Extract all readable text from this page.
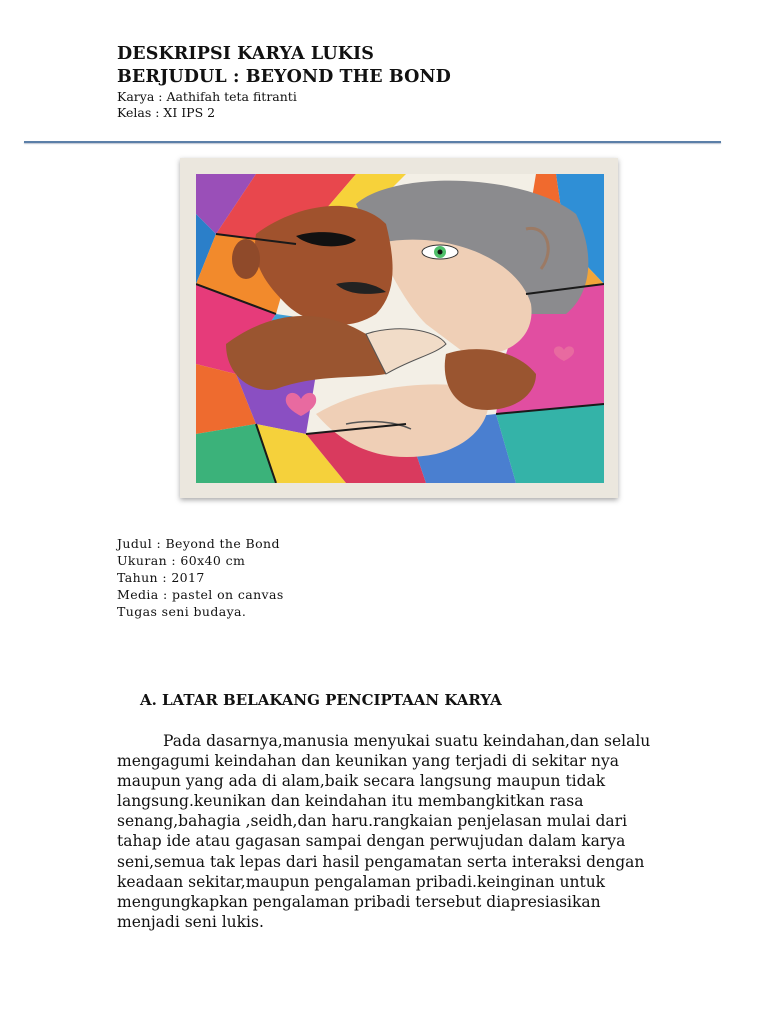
DESKRIPSI KARYA LUKIS
BERJUDUL : BEYOND THE BOND
Karya : Aathifah teta fitranti
Kelas : XI IPS 2
Judul : Beyond the Bond
Ukuran : 60x40 cm
Tahun : 2017
Media : pastel on canvas
Tugas seni budaya.
A. LATAR BELAKANG PENCIPTAAN KARYA
Pada dasarnya,manusia menyukai suatu keindahan,dan selalu
mengagumi keindahan dan keunikan yang terjadi di sekitar nya
maupun yang ada di alam,baik secara langsung maupun tidak
langsung.keunikan dan keindahan itu membangkitkan rasa
senang,bahagia ,seidh,dan haru.rangkaian penjelasan mulai dari
tahap ide atau gagasan sampai dengan perwujudan dalam karya
seni,semua tak lepas dari hasil pengamatan serta interaksi dengan
keadaan sekitar,maupun pengalaman pribadi.keinginan untuk
mengungkapkan pengalaman pribadi tersebut diapresiasikan
menjadi seni lukis.
